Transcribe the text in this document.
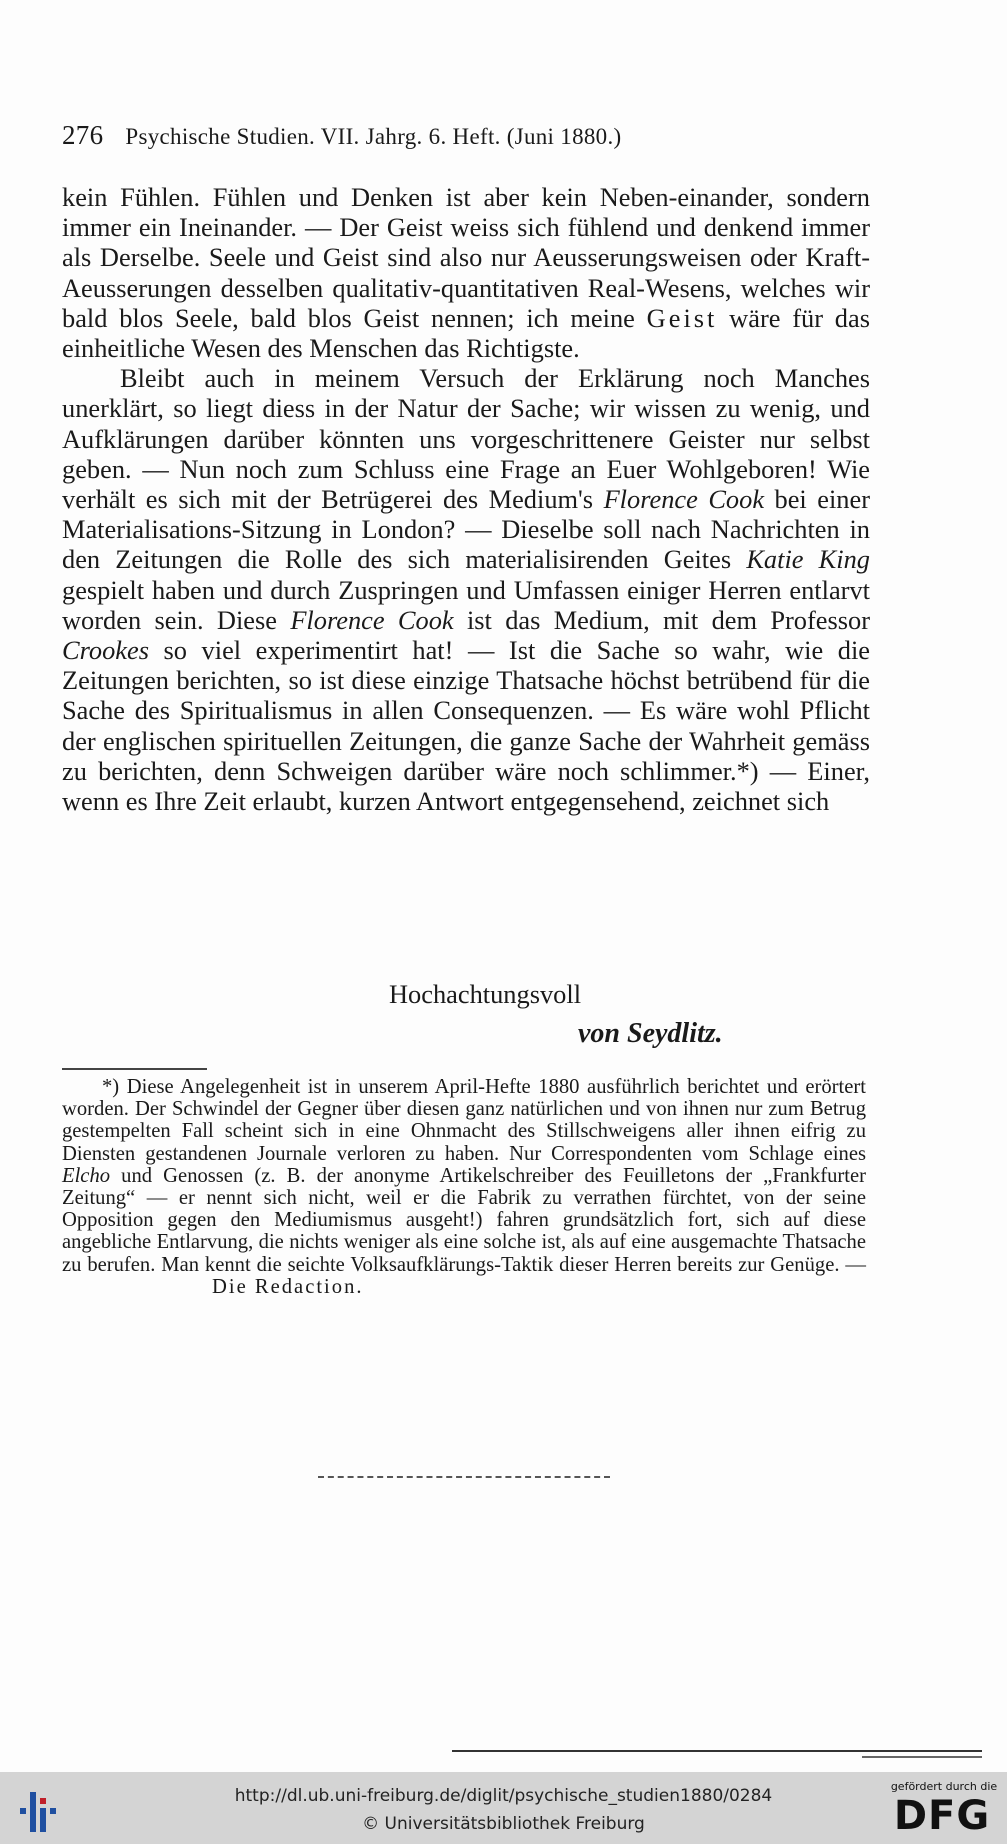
276 Psychische Studien. VII. Jahrg. 6. Heft. (Juni 1880.)

kein Fühlen. Fühlen und Denken ist aber kein Neben-einander, sondern immer ein Ineinander. — Der Geist weiss sich fühlend und denkend immer als Derselbe. Seele und Geist sind also nur Aeusserungsweisen oder Kraft-Aeusserungen desselben qualitativ-quantitativen Real-Wesens, welches wir bald blos Seele, bald blos Geist nennen; ich meine Geist wäre für das einheitliche Wesen des Menschen das Richtigste.

Bleibt auch in meinem Versuch der Erklärung noch Manches unerklärt, so liegt diess in der Natur der Sache; wir wissen zu wenig, und Aufklärungen darüber könnten uns vorgeschrittenere Geister nur selbst geben. — Nun noch zum Schluss eine Frage an Euer Wohlgeboren! Wie verhält es sich mit der Betrügerei des Medium's Florence Cook bei einer Materialisations-Sitzung in London? — Dieselbe soll nach Nachrichten in den Zeitungen die Rolle des sich materialisirenden Geites Katie King gespielt haben und durch Zuspringen und Umfassen einiger Herren entlarvt worden sein. Diese Florence Cook ist das Medium, mit dem Professor Crookes so viel experimentirt hat! — Ist die Sache so wahr, wie die Zeitungen berichten, so ist diese einzige Thatsache höchst betrübend für die Sache des Spiritualismus in allen Consequenzen. — Es wäre wohl Pflicht der englischen spirituellen Zeitungen, die ganze Sache der Wahrheit gemäss zu berichten, denn Schweigen darüber wäre noch schlimmer.*) — Einer, wenn es Ihre Zeit erlaubt, kurzen Antwort entgegensehend, zeichnet sich

Hochachtungsvoll
von Seydlitz.

*) Diese Angelegenheit ist in unserem April-Hefte 1880 ausführlich berichtet und erörtert worden. Der Schwindel der Gegner über diesen ganz natürlichen und von ihnen nur zum Betrug gestempelten Fall scheint sich in eine Ohnmacht des Stillschweigens aller ihnen eifrig zu Diensten gestandenen Journale verloren zu haben. Nur Correspondenten vom Schlage eines Elcho und Genossen (z. B. der anonyme Artikelschreiber des Feuilletons der „Frankfurter Zeitung“ — er nennt sich nicht, weil er die Fabrik zu verrathen fürchtet, von der seine Opposition gegen den Mediumismus ausgeht!) fahren grundsätzlich fort, sich auf diese angebliche Entlarvung, die nichts weniger als eine solche ist, als auf eine ausgemachte Thatsache zu berufen. Man kennt die seichte Volksaufklärungs-Taktik dieser Herren bereits zur Genüge. —Die Redaction.

http://dl.ub.uni-freiburg.de/diglit/psychische_studien1880/0284
© Universitätsbibliothek Freiburg
gefördert durch die
DFG
